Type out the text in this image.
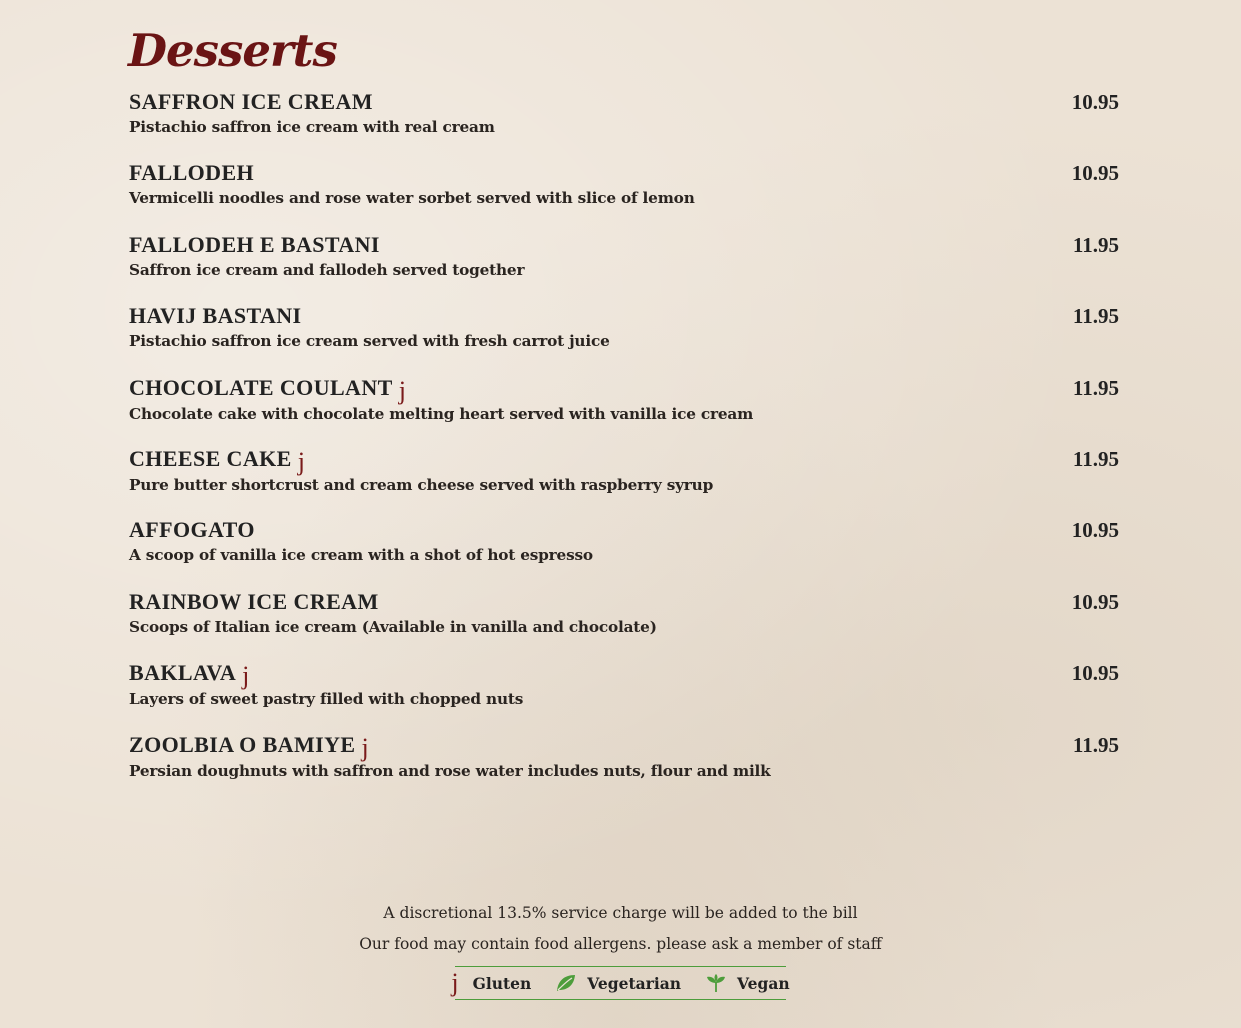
Desserts
SAFFRON ICE CREAM	10.95
Pistachio saffron ice cream with real cream
FALLODEH	10.95
Vermicelli noodles and rose water sorbet served with slice of lemon
FALLODEH E BASTANI	11.95
Saffron ice cream and fallodeh served together
HAVIJ BASTANI	11.95
Pistachio saffron ice cream served with fresh carrot juice
CHOCOLATE COULANT j	11.95
Chocolate cake with chocolate melting heart served with vanilla ice cream
CHEESE CAKE j	11.95
Pure butter shortcrust and cream cheese served with raspberry syrup
AFFOGATO	10.95
A scoop of vanilla ice cream with a shot of hot espresso
RAINBOW ICE CREAM	10.95
Scoops of Italian ice cream (Available in vanilla and chocolate)
BAKLAVA j	10.95
Layers of sweet pastry filled with chopped nuts
ZOOLBIA O BAMIYE j	11.95
Persian doughnuts with saffron and rose water includes nuts, flour and milk
A discretional 13.5% service charge will be added to the bill
Our food may contain food allergens. please ask a member of staff
j Gluten	Vegetarian	Vegan
